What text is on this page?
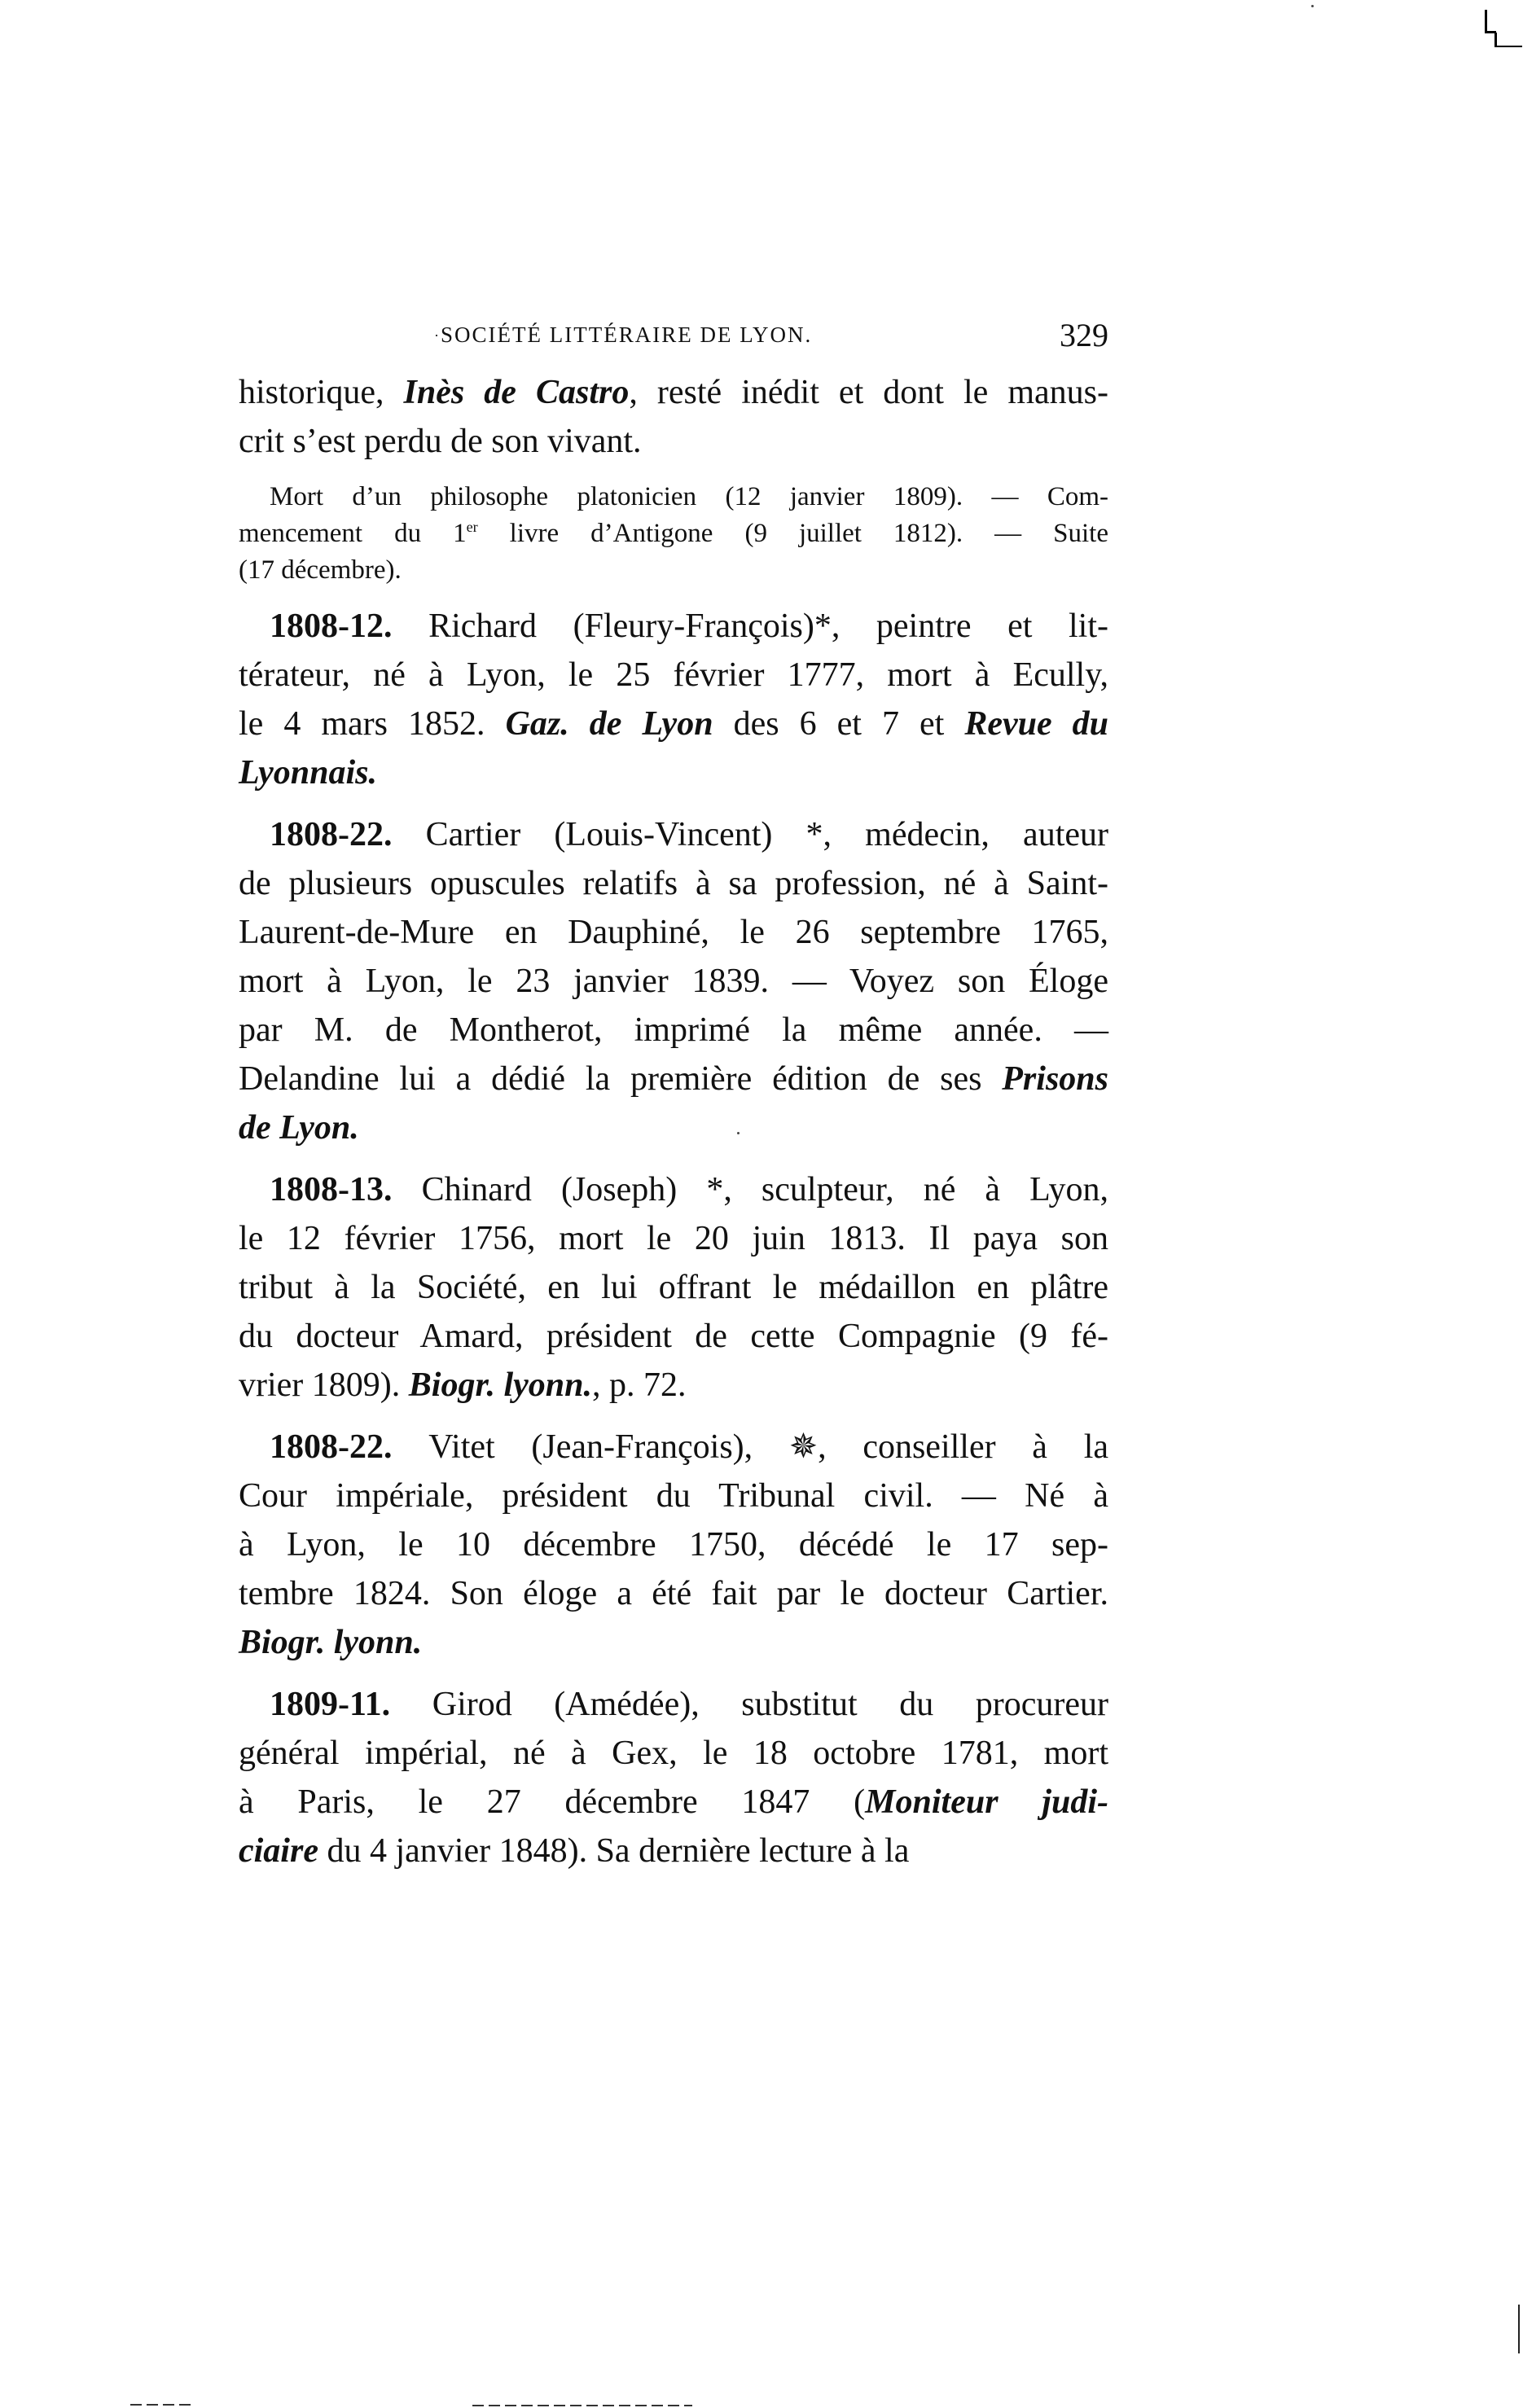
· SOCIÉTÉ LITTÉRAIRE DE LYON.	329
historique, Inès de Castro, resté inédit et dont le manus-
crit s’est perdu de son vivant.
Mort d’un philosophe platonicien (12 janvier 1809). — Com-
mencement du 1er livre d’Antigone (9 juillet 1812). — Suite
(17 décembre).
1808-12. Richard (Fleury-François)*, peintre et lit-
térateur, né à Lyon, le 25 février 1777, mort à Ecully,
le 4 mars 1852. Gaz. de Lyon des 6 et 7 et Revue du
Lyonnais.
1808-22. Cartier (Louis-Vincent) *, médecin, auteur
de plusieurs opuscules relatifs à sa profession, né à Saint-
Laurent-de-Mure en Dauphiné, le 26 septembre 1765,
mort à Lyon, le 23 janvier 1839. — Voyez son Éloge
par M. de Montherot, imprimé la même année. —
Delandine lui a dédié la première édition de ses Prisons
de Lyon.
1808-13. Chinard (Joseph) *, sculpteur, né à Lyon,
le 12 février 1756, mort le 20 juin 1813. Il paya son
tribut à la Société, en lui offrant le médaillon en plâtre
du docteur Amard, président de cette Compagnie (9 fé-
vrier 1809). Biogr. lyonn., p. 72.
1808-22. Vitet (Jean-François), ✵, conseiller à la
Cour impériale, président du Tribunal civil. — Né à
à Lyon, le 10 décembre 1750, décédé le 17 sep-
tembre 1824. Son éloge a été fait par le docteur Cartier.
Biogr. lyonn.
1809-11. Girod (Amédée), substitut du procureur
général impérial, né à Gex, le 18 octobre 1781, mort
à Paris, le 27 décembre 1847 (Moniteur judi-
ciaire du 4 janvier 1848). Sa dernière lecture à la
